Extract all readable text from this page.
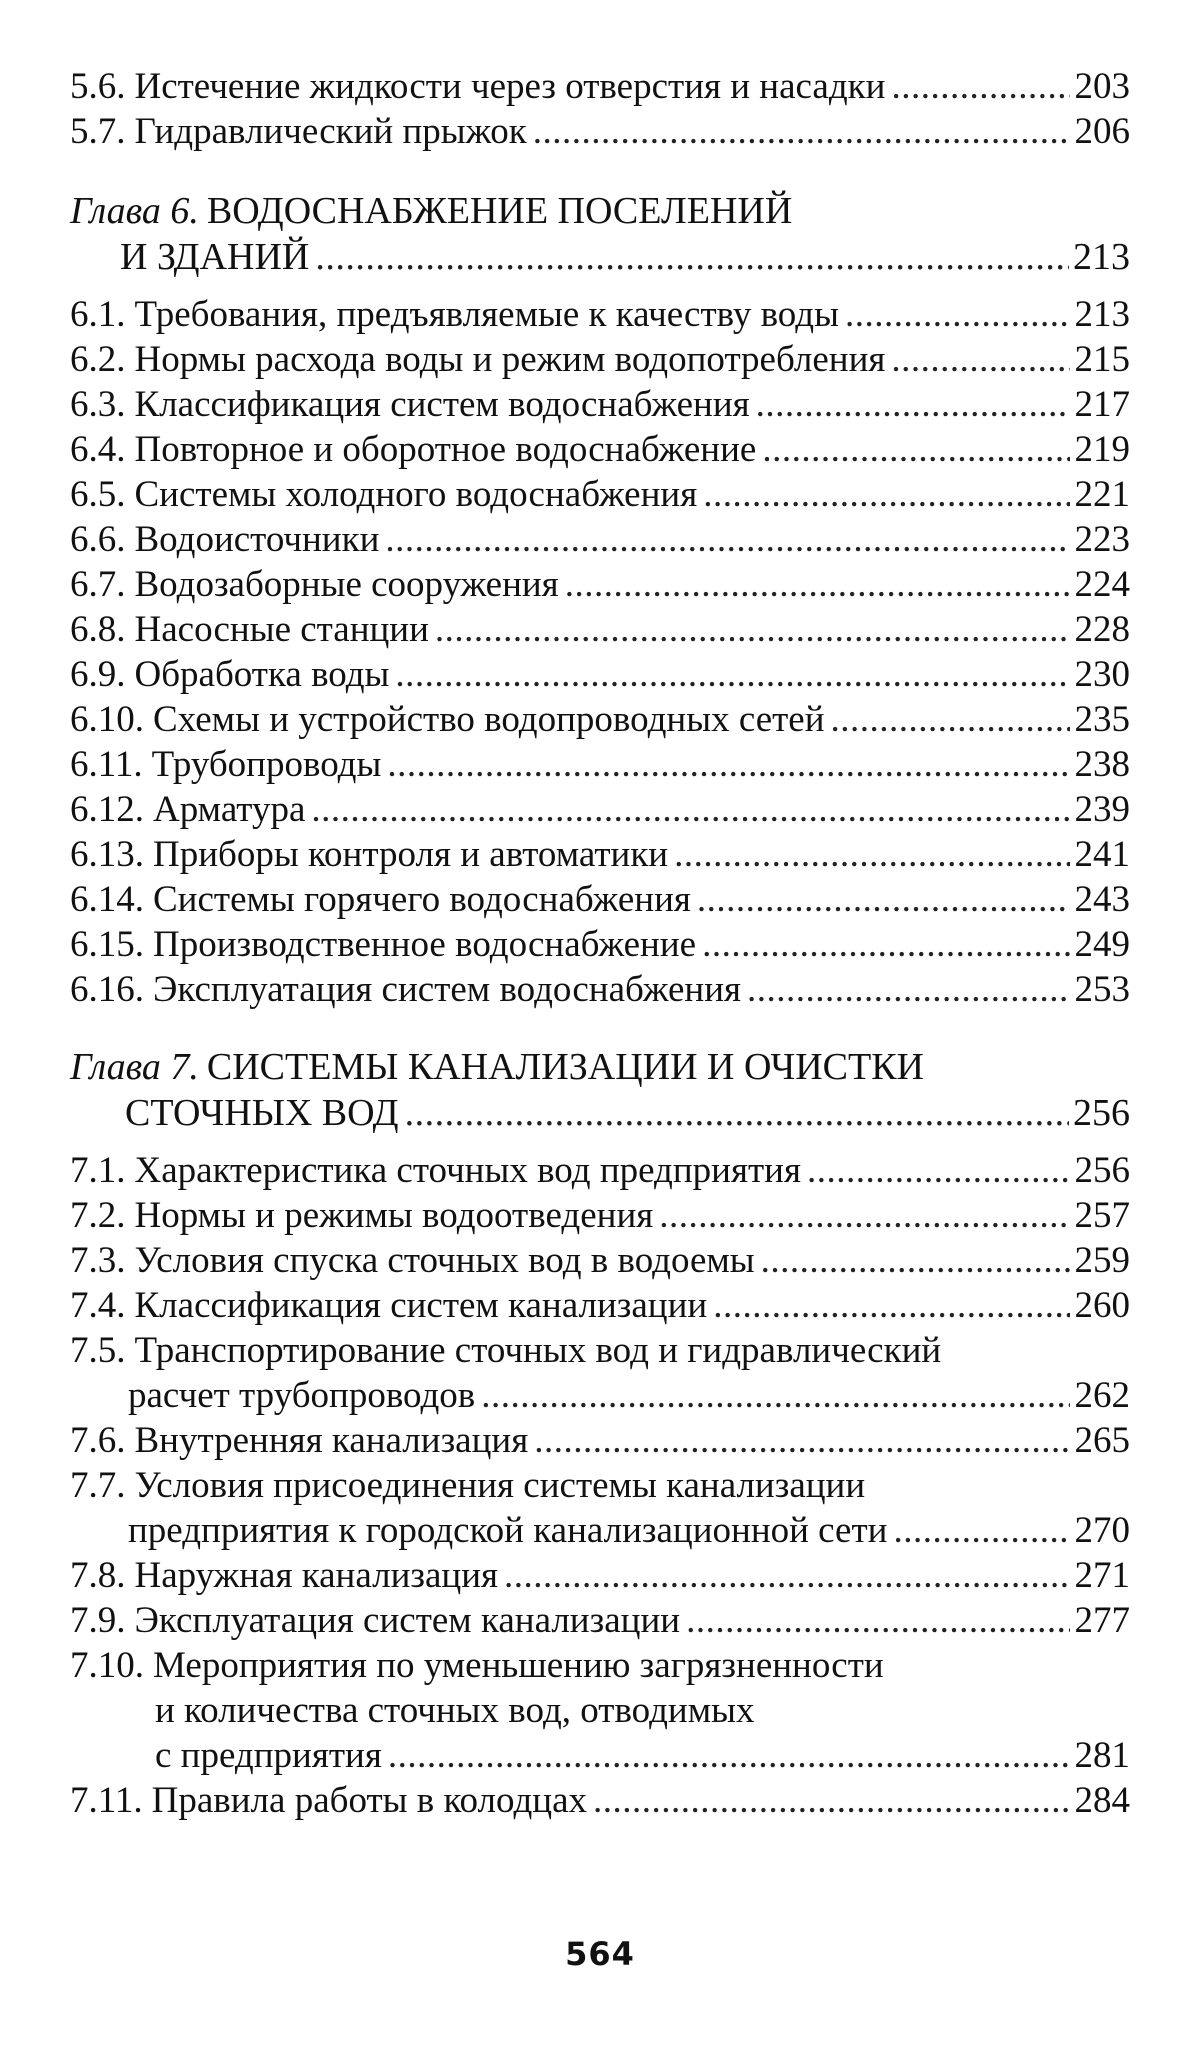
5.6. Истечение жидкости через отверстия и насадки .....	203
5.7. Гидравлический прыжок .....	206
Глава 6. ВОДОСНАБЖЕНИЕ ПОСЕЛЕНИЙ
И ЗДАНИЙ .....	213
6.1. Требования, предъявляемые к качеству воды .....	213
6.2. Нормы расхода воды и режим водопотребления .....	215
6.3. Классификация систем водоснабжения .....	217
6.4. Повторное и оборотное водоснабжение .....	219
6.5. Системы холодного водоснабжения .....	221
6.6. Водоисточники .....	223
6.7. Водозаборные сооружения .....	224
6.8. Насосные станции .....	228
6.9. Обработка воды .....	230
6.10. Схемы и устройство водопроводных сетей .....	235
6.11. Трубопроводы .....	238
6.12. Арматура .....	239
6.13. Приборы контроля и автоматики .....	241
6.14. Системы горячего водоснабжения .....	243
6.15. Производственное водоснабжение .....	249
6.16. Эксплуатация систем водоснабжения .....	253
Глава 7. СИСТЕМЫ КАНАЛИЗАЦИИ И ОЧИСТКИ
СТОЧНЫХ ВОД .....	256
7.1. Характеристика сточных вод предприятия .....	256
7.2. Нормы и режимы водоотведения .....	257
7.3. Условия спуска сточных вод в водоемы .....	259
7.4. Классификация систем канализации .....	260
7.5. Транспортирование сточных вод и гидравлический
расчет трубопроводов .....	262
7.6. Внутренняя канализация .....	265
7.7. Условия присоединения системы канализации
предприятия к городской канализационной сети .....	270
7.8. Наружная канализация .....	271
7.9. Эксплуатация систем канализации .....	277
7.10. Мероприятия по уменьшению загрязненности
и количества сточных вод, отводимых
с предприятия .....	281
7.11. Правила работы в колодцах .....	284
564
